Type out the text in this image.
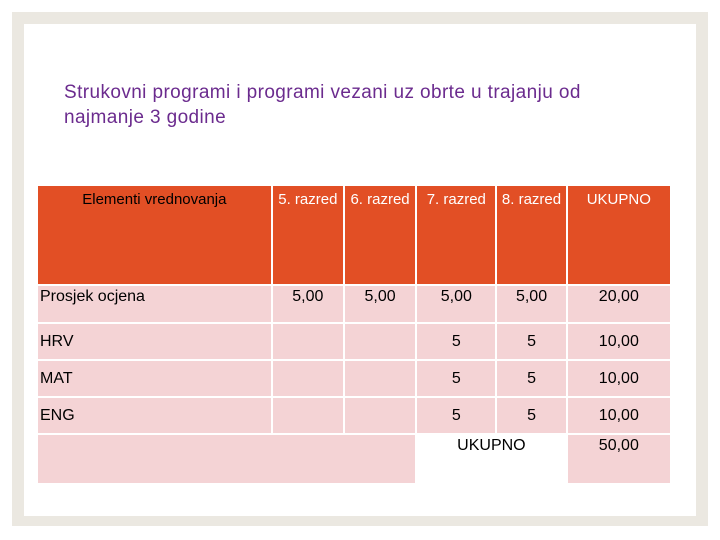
Strukovni programi i programi vezani uz obrte u trajanju od najmanje 3 godine
Elementi vrednovanja	5. razred	6. razred	7. razred	8. razred	UKUPNO
Prosjek ocjena	5,00	5,00	5,00	5,00	20,00
HRV			5	5	10,00
MAT			5	5	10,00
ENG			5	5	10,00
			UKUPNO		50,00
